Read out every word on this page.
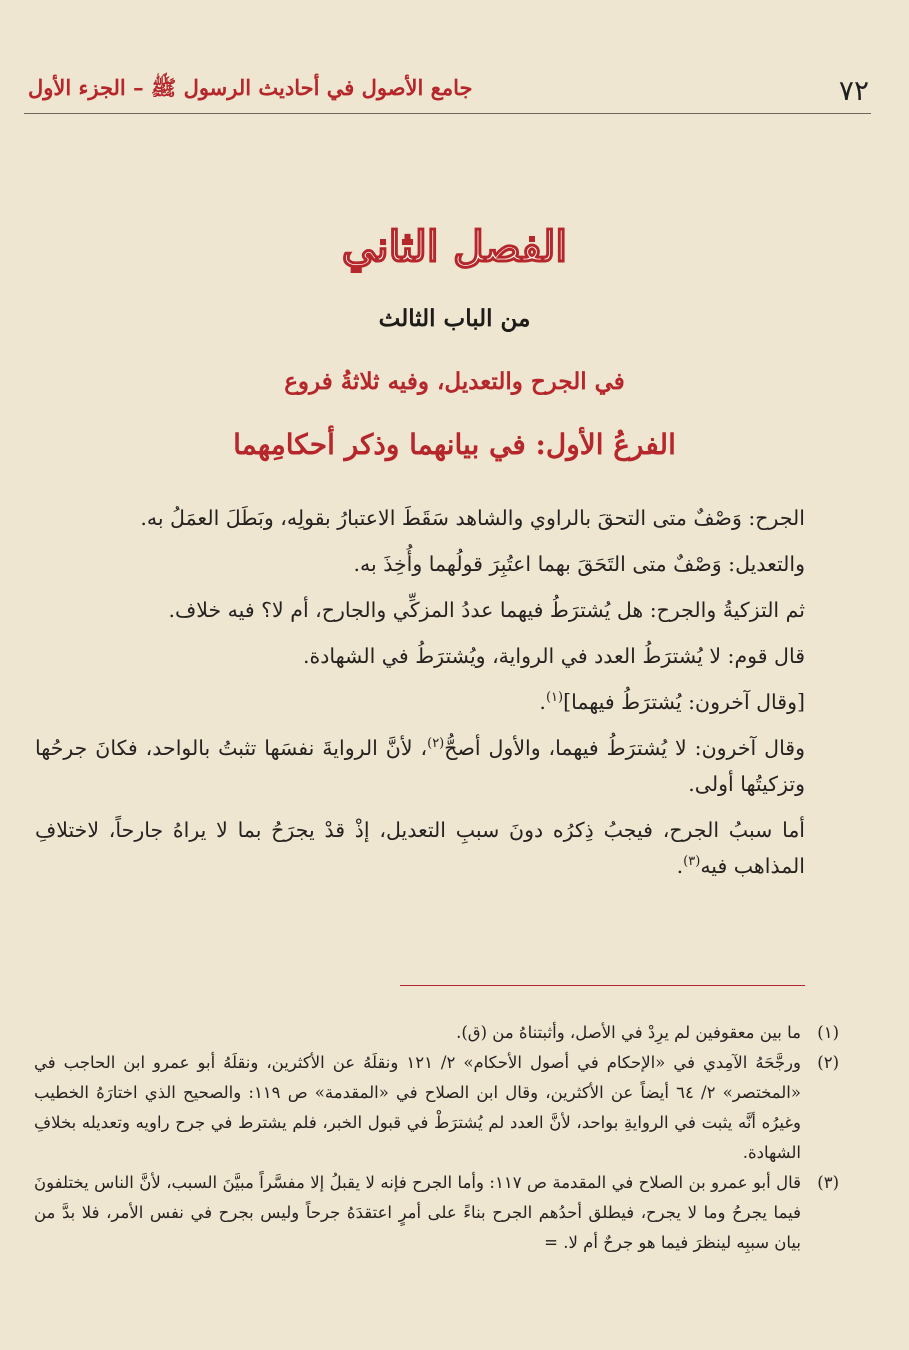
٧٢
جامع الأصول في أحاديث الرسول ﷺ – الجزء الأول
الفصل الثاني
من الباب الثالث
في الجرح والتعديل، وفيه ثلاثةُ فروع
الفرعُ الأول: في بيانهما وذكر أحكامِهما

الجرح: وَصْفٌ متى التحقَ بالراوي والشاهد سَقَطَ الاعتبارُ بقولِه، وبَطَلَ العمَلُ به.

والتعديل: وَصْفٌ متى التَحَقَ بهما اعتُبِرَ قولُهما وأُخِذَ به.

ثم التزكيةُ والجرح: هل يُشترَطُ فيهما عددُ المزكِّي والجارح، أم لا؟ فيه خلاف.

قال قوم: لا يُشترَطُ العدد في الرواية، ويُشترَطُ في الشهادة.

[وقال آخرون: يُشترَطُ فيهما]$^{(١)}$.

وقال آخرون: لا يُشترَطُ فيهما، والأول أصحُّ$^{(٢)}$، لأنَّ الروايةَ نفسَها تثبتُ بالواحد، فكانَ جرحُها وتزكيتُها أولى.

أما سببُ الجرح، فيجبُ ذِكرُه دونَ سببِ التعديل، إذْ قدْ يجرَحُ بما لا يراهُ جارحاً، لاختلافِ المذاهب فيه$^{(٣)}$.

(١)
ما بين معقوفين لم يرِدْ في الأصل، وأثبتناهُ من (ق).
(٢)
ورجَّحَهُ الآمِدي في «الإحكام في أصول الأحكام» ٢/ ١٢١ ونقلَهُ عن الأكثرين، ونقلَهُ أبو عمرو ابن الحاجب في «المختصر» ٢/ ٦٤ أيضاً عن الأكثرين، وقال ابن الصلاح في «المقدمة» ص ١١٩: والصحيح الذي اختارَهُ الخطيب وغيرُه أنَّه يثبت في الروايةِ بواحد، لأنَّ العدد لم يُشترَطْ في قبول الخبر، فلم يشترط في جرح راويه وتعديله بخلافِ الشهادة.
(٣)
قال أبو عمرو بن الصلاح في المقدمة ص ١١٧: وأما الجرح فإنه لا يقبلُ إلا مفسَّراً مبيَّنَ السبب، لأنَّ الناس يختلفونَ فيما يجرحُ وما لا يجرح، فيطلق أحدُهم الجرح بناءً على أمرٍ اعتقدَهُ جرحاً وليس بجرح في نفس الأمر، فلا بدَّ من بيان سببِه لينظرَ فيما هو جرحٌ أم لا. =
